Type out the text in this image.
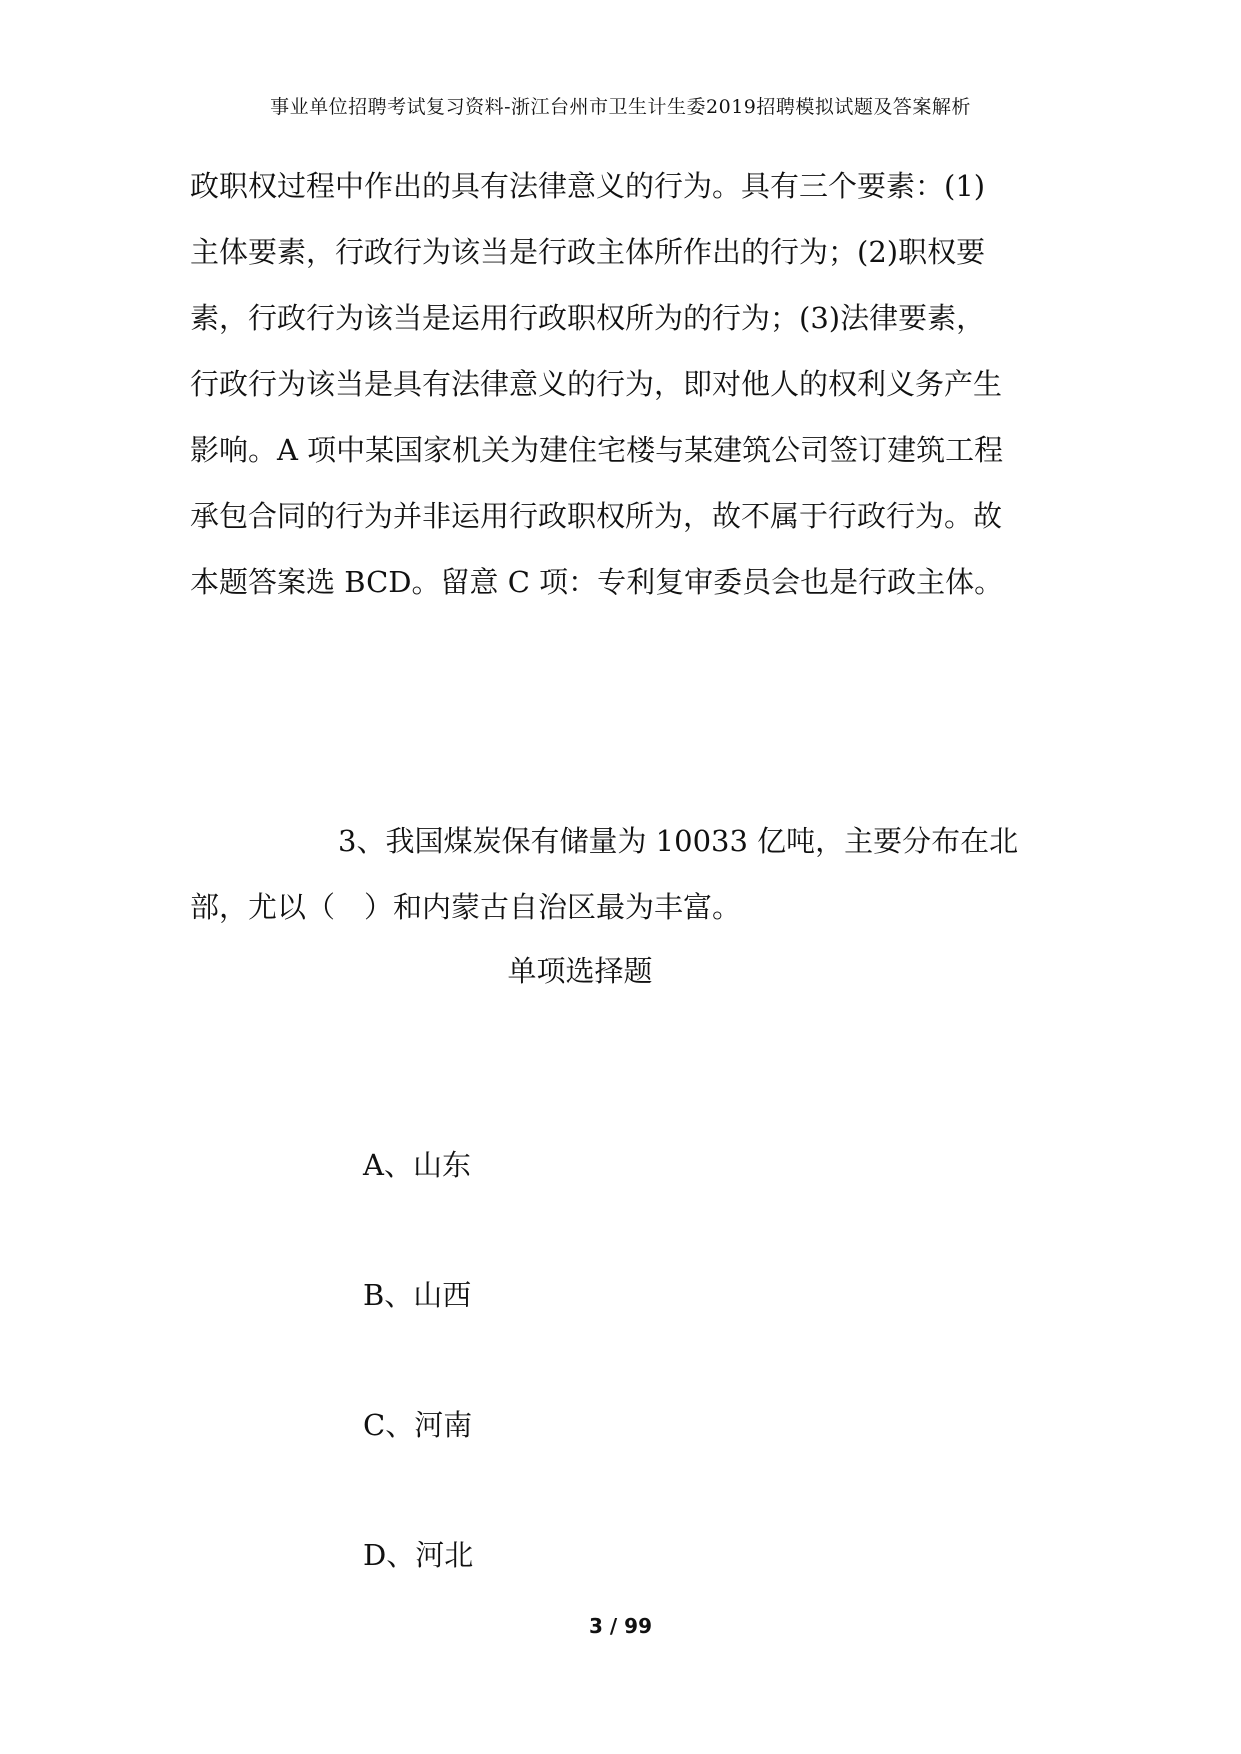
事业单位招聘考试复习资料-浙江台州市卫生计生委2019招聘模拟试题及答案解析
政职权过程中作出的具有法律意义的行为。具有三个要素：(1)
主体要素，行政行为该当是行政主体所作出的行为；(2)职权要
素，行政行为该当是运用行政职权所为的行为；(3)法律要素，
行政行为该当是具有法律意义的行为，即对他人的权利义务产生
影响。A 项中某国家机关为建住宅楼与某建筑公司签订建筑工程
承包合同的行为并非运用行政职权所为，故不属于行政行为。故
本题答案选 BCD。留意 C 项：专利复审委员会也是行政主体。
3、我国煤炭保有储量为 10033 亿吨，主要分布在北
部，尤以（　）和内蒙古自治区最为丰富。
单项选择题
A、山东
B、山西
C、河南
D、河北
3 / 99
